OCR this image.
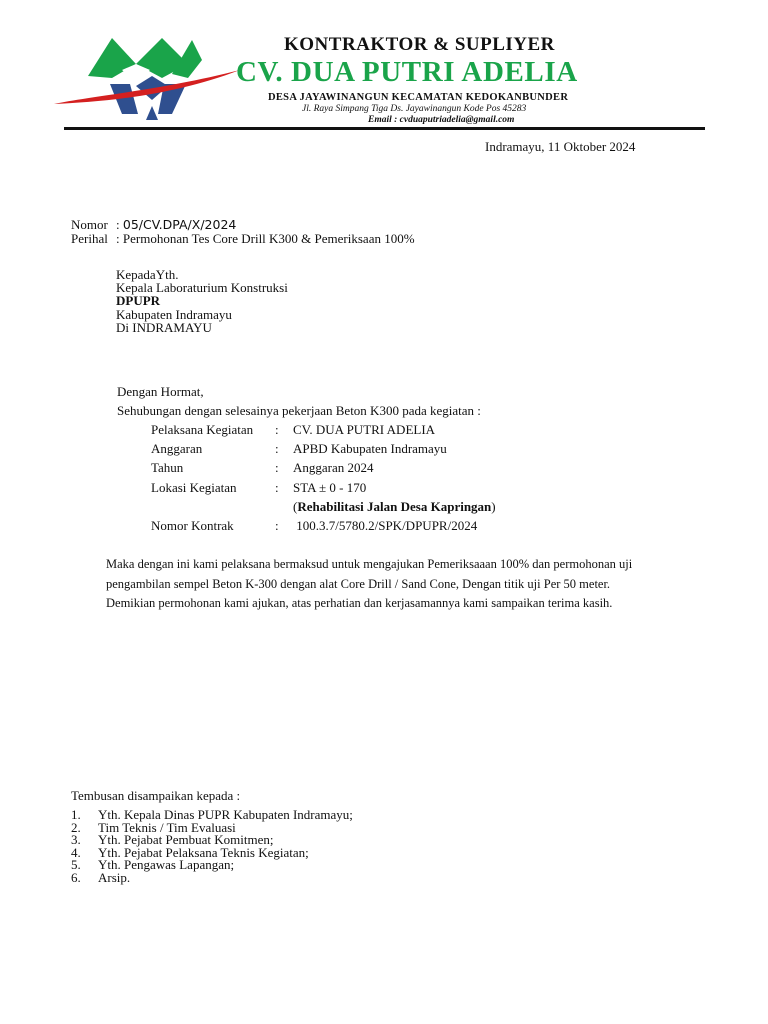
KONTRAKTOR & SUPLIYER
CV. DUA PUTRI ADELIA
DESA JAYAWINANGUN KECAMATAN KEDOKANBUNDER
Jl. Raya Simpang Tiga Ds. Jayawinangun Kode Pos 45283
Email : cvduaputriadelia@gmail.com
Indramayu, 11 Oktober 2024
Nomor : 05/CV.DPA/X/2024
Perihal : Permohonan Tes Core Drill K300 & Pemeriksaan 100%
KepadaYth.
Kepala Laboraturium Konstruksi
DPUPR
Kabupaten Indramayu
Di INDRAMAYU
Dengan Hormat,
Sehubungan dengan selesainya pekerjaan Beton K300 pada kegiatan :
Pelaksana Kegiatan : CV. DUA PUTRI ADELIA
Anggaran	: APBD Kabupaten Indramayu
Tahun	: Anggaran 2024
Lokasi Kegiatan	: STA ± 0 - 170
(Rehabilitasi Jalan Desa Kapringan)
Nomor Kontrak	: 100.3.7/5780.2/SPK/DPUPR/2024
Maka dengan ini kami pelaksana bermaksud untuk mengajukan Pemeriksaaan 100% dan permohonan uji
pengambilan sempel Beton K-300 dengan alat Core Drill / Sand Cone, Dengan titik uji Per 50 meter.
Demikian permohonan kami ajukan, atas perhatian dan kerjasamannya kami sampaikan terima kasih.
Tembusan disampaikan kepada :
1. Yth. Kepala Dinas PUPR Kabupaten Indramayu;
2. Tim Teknis / Tim Evaluasi
3. Yth. Pejabat Pembuat Komitmen;
4. Yth. Pejabat Pelaksana Teknis Kegiatan;
5. Yth. Pengawas Lapangan;
6. Arsip.
